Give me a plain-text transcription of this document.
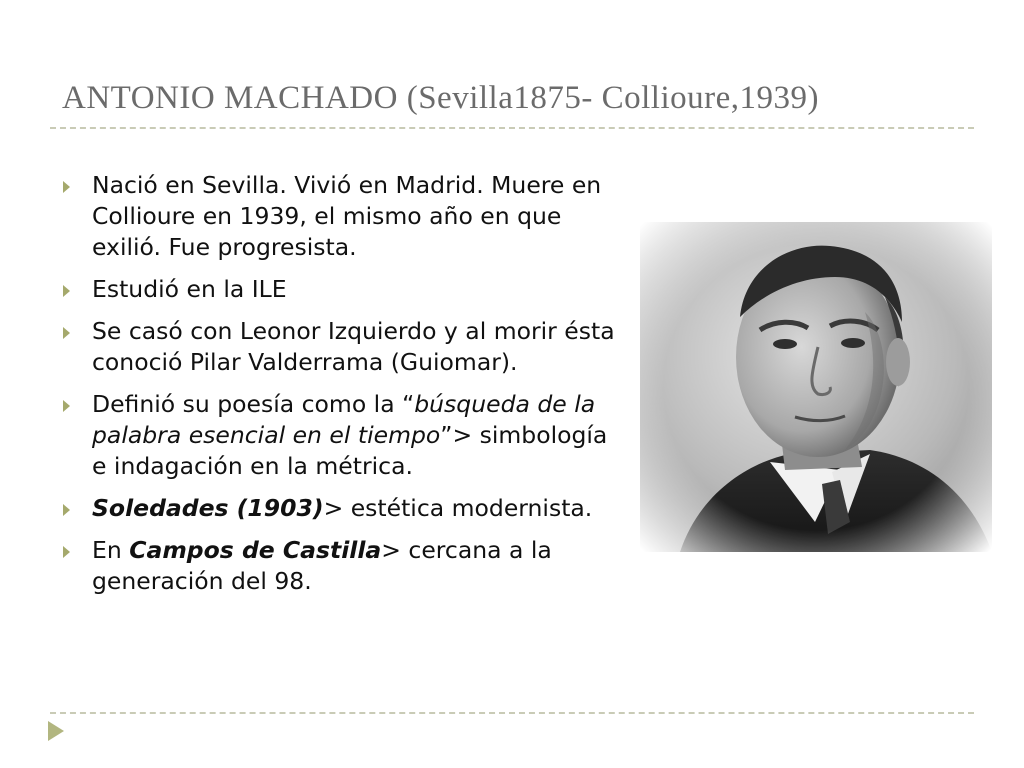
ANTONIO MACHADO (Sevilla1875- Collioure,1939)
Nació en Sevilla. Vivió en Madrid. Muere en Collioure en 1939, el mismo año en que exilió. Fue progresista.
Estudió en la ILE
Se casó con Leonor Izquierdo y al morir ésta conoció Pilar Valderrama (Guiomar).
Definió su poesía como la “búsqueda de la palabra esencial en el tiempo”> simbología e indagación en la métrica.
Soledades (1903)> estética modernista.
En Campos de Castilla> cercana a la generación del 98.
